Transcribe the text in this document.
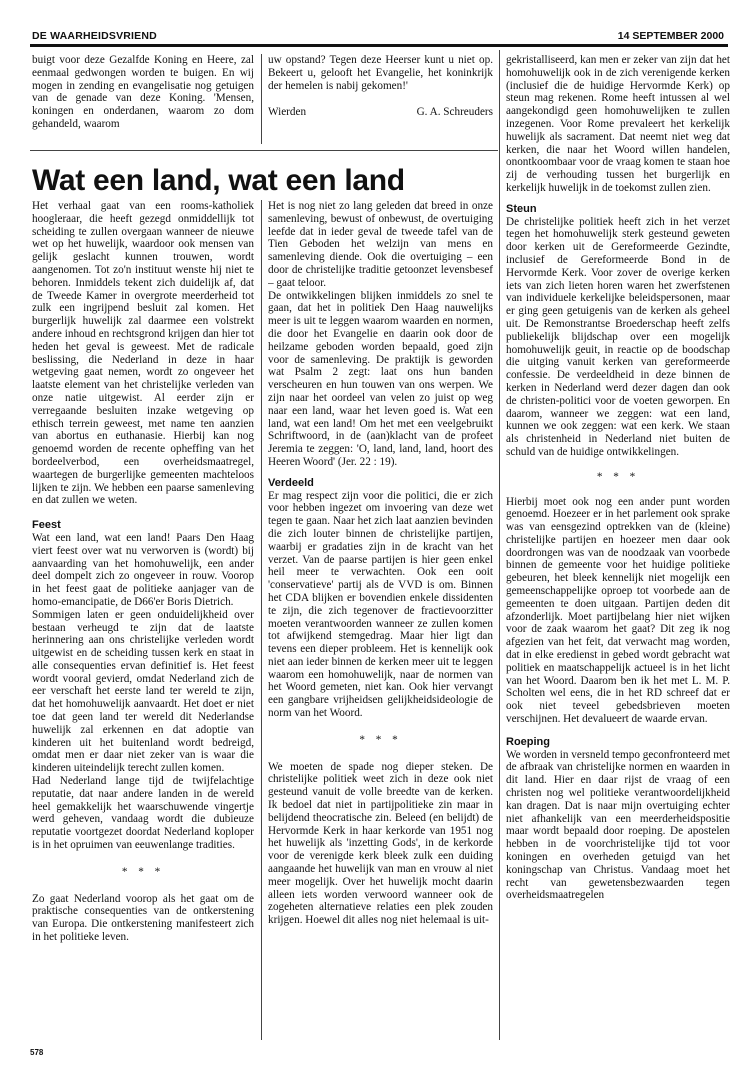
DE WAARHEIDSVRIEND	14 SEPTEMBER 2000

buigt voor deze Gezalfde Koning en Heere, zal eenmaal gedwongen worden te buigen. En wij mogen in zending en evangelisatie nog getuigen van de genade van deze Koning. 'Mensen, koningen en onderdanen, waarom zo dom gehandeld, waarom

uw opstand? Tegen deze Heerser kunt u niet op. Bekeert u, gelooft het Evangelie, het koninkrijk der hemelen is nabij gekomen!'

Wierden	G. A. Schreuders
Wat een land, wat een land

Het verhaal gaat van een rooms-katholiek hoogleraar, die heeft gezegd onmiddellijk tot scheiding te zullen overgaan wanneer de nieuwe wet op het huwelijk, waardoor ook mensen van gelijk geslacht kunnen trouwen, wordt aangenomen. Tot zo'n instituut wenste hij niet te behoren. Inmiddels tekent zich duidelijk af, dat de Tweede Kamer in overgrote meerderheid tot zulk een ingrijpend besluit zal komen. Het burgerlijk huwelijk zal daarmee een volstrekt andere inhoud en rechtsgrond krijgen dan hier tot heden het geval is geweest. Met de radicale beslissing, die Nederland in deze in haar wetgeving gaat nemen, wordt zo ongeveer het laatste element van het christelijke verleden van onze natie uitgewist. Al eerder zijn er verregaande besluiten inzake wetgeving op ethisch terrein geweest, met name ten aanzien van abortus en euthanasie. Hierbij kan nog genoemd worden de recente opheffing van het bordeelverbod, een overheidsmaatregel, waartegen de burgerlijke gemeenten machteloos lijken te zijn. We hebben een paarse samenleving en dat zullen we weten.

Feest

Wat een land, wat een land! Paars Den Haag viert feest over wat nu verworven is (wordt) bij aanvaarding van het homohuwelijk, een ander deel dompelt zich zo ongeveer in rouw. Voorop in het feest gaat de politieke aanjager van de homo-emancipatie, de D66'er Boris Dietrich.

Sommigen laten er geen onduidelijkheid over bestaan verheugd te zijn dat de laatste herinnering aan ons christelijke verleden wordt uitgewist en de scheiding tussen kerk en staat in alle consequenties ervan definitief is. Het feest wordt vooral gevierd, omdat Nederland zich de eer verschaft het eerste land ter wereld te zijn, dat het homohuwelijk aanvaardt. Het doet er niet toe dat geen land ter wereld dit Nederlandse huwelijk zal erkennen en dat adoptie van kinderen uit het buitenland wordt bedreigd, omdat men er daar niet zeker van is waar die kinderen uiteindelijk terecht zullen komen.

Had Nederland lange tijd de twijfelachtige reputatie, dat naar andere landen in de wereld heel gemakkelijk het waarschuwende vingertje werd geheven, vandaag wordt die dubieuze reputatie voortgezet doordat Nederland koploper is in het opruimen van eeuwenlange tradities.

* * *

Zo gaat Nederland voorop als het gaat om de praktische consequenties van de ontkerstening van Europa. Die ontkerstening manifesteert zich in het politieke leven.

Het is nog niet zo lang geleden dat breed in onze samenleving, bewust of onbewust, de overtuiging leefde dat in ieder geval de tweede tafel van de Tien Geboden het welzijn van mens en samenleving diende. Ook die overtuiging – een door de christelijke traditie getoonzet levensbesef – gaat teloor.

De ontwikkelingen blijken inmiddels zo snel te gaan, dat het in politiek Den Haag nauwelijks meer is uit te leggen waarom waarden en normen, die door het Evangelie en daarin ook door de heilzame geboden worden bepaald, goed zijn voor de samenleving. De praktijk is geworden wat Psalm 2 zegt: laat ons hun banden verscheuren en hun touwen van ons werpen. We zijn naar het oordeel van velen zo juist op weg naar een land, waar het leven goed is. Wat een land, wat een land! Om het met een veelgebruikt Schriftwoord, in de (aan)klacht van de profeet Jeremia te zeggen: 'O, land, land, land, hoort des Heeren Woord' (Jer. 22 : 19).

Verdeeld

Er mag respect zijn voor die politici, die er zich voor hebben ingezet om invoering van deze wet tegen te gaan. Naar het zich laat aanzien bevinden die zich louter binnen de christelijke partijen, waarbij er gradaties zijn in de kracht van het verzet. Van de paarse partijen is hier geen enkel heil meer te verwachten. Ook een ooit 'conservatieve' partij als de VVD is om. Binnen het CDA blijken er bovendien enkele dissidenten te zijn, die zich tegenover de fractievoorzitter moeten verantwoorden wanneer ze zullen komen tot afwijkend stemgedrag. Maar hier ligt dan tevens een dieper probleem. Het is kennelijk ook niet aan ieder binnen de kerken meer uit te leggen waarom een homohuwelijk, naar de normen van het Woord gemeten, niet kan. Ook hier vervangt een gangbare vrijheidsen gelijkheidsideologie de norm van het Woord.

* * *

We moeten de spade nog dieper steken. De christelijke politiek weet zich in deze ook niet gesteund vanuit de volle breedte van de kerken. Ik bedoel dat niet in partijpolitieke zin maar in belijdend theocratische zin. Beleed (en belijdt) de Hervormde Kerk in haar kerkorde van 1951 nog het huwelijk als 'inzetting Gods', in de kerkorde voor de verenigde kerk bleek zulk een duiding aangaande het huwelijk van man en vrouw al niet meer mogelijk. Over het huwelijk mocht daarin alleen iets worden verwoord wanneer ook de zogeheten alternatieve relaties een plek zouden krijgen. Hoewel dit alles nog niet helemaal is uit-

gekristalliseerd, kan men er zeker van zijn dat het homohuwelijk ook in de zich verenigende kerken (inclusief die de huidige Hervormde Kerk) op steun mag rekenen. Rome heeft intussen al wel aangekondigd geen homohuwelijken te zullen inzegenen. Voor Rome prevaleert het kerkelijk huwelijk als sacrament. Dat neemt niet weg dat kerken, die naar het Woord willen handelen, onontkoombaar voor de vraag komen te staan hoe zij de verhouding tussen het burgerlijk en kerkelijk huwelijk in de toekomst zullen zien.

Steun

De christelijke politiek heeft zich in het verzet tegen het homohuwelijk sterk gesteund geweten door kerken uit de Gereformeerde Gezindte, inclusief de Gereformeerde Bond in de Hervormde Kerk. Voor zover de overige kerken iets van zich lieten horen waren het zwerfstenen van individuele kerkelijke beleidspersonen, maar er ging geen getuigenis van de kerken als geheel uit. De Remonstrantse Broederschap heeft zelfs publiekelijk blijdschap over een mogelijk homohuwelijk geuit, in reactie op de boodschap die uitging vanuit kerken van gereformeerde confessie. De verdeeldheid in deze binnen de kerken in Nederland werd dezer dagen dan ook de christen-politici voor de voeten geworpen. En daarom, wanneer we zeggen: wat een land, kunnen we ook zeggen: wat een kerk. We staan als christenheid in Nederland niet buiten de schuld van de huidige ontwikkelingen.

* * *

Hierbij moet ook nog een ander punt worden genoemd. Hoezeer er in het parlement ook sprake was van eensgezind optrekken van de (kleine) christelijke partijen en hoezeer men daar ook doordrongen was van de noodzaak van voorbede binnen de gemeente voor het huidige politieke gebeuren, het bleek kennelijk niet mogelijk een gemeenschappelijke oproep tot voorbede aan de gemeenten te doen uitgaan. Partijen deden dit afzonderlijk. Moet partijbelang hier niet wijken voor de zaak waarom het gaat? Dit zeg ik nog afgezien van het feit, dat verwacht mag worden, dat in elke eredienst in gebed wordt gebracht wat politiek en maatschappelijk actueel is in het licht van het Woord. Daarom ben ik het met L. M. P. Scholten wel eens, die in het RD schreef dat er ook niet teveel gebedsbrieven moeten verschijnen. Het devalueert de waarde ervan.

Roeping

We worden in versneld tempo geconfronteerd met de afbraak van christelijke normen en waarden in dit land. Hier en daar rijst de vraag of een christen nog wel politieke verantwoordelijkheid kan dragen. Dat is naar mijn overtuiging echter niet afhankelijk van een meerderheidspositie maar wordt bepaald door roeping. De apostelen hebben in de voorchristelijke tijd tot voor koningen en overheden getuigd van het koningschap van Christus. Vandaag moet het recht van gewetensbezwaarden tegen overheidsmaatregelen

578
